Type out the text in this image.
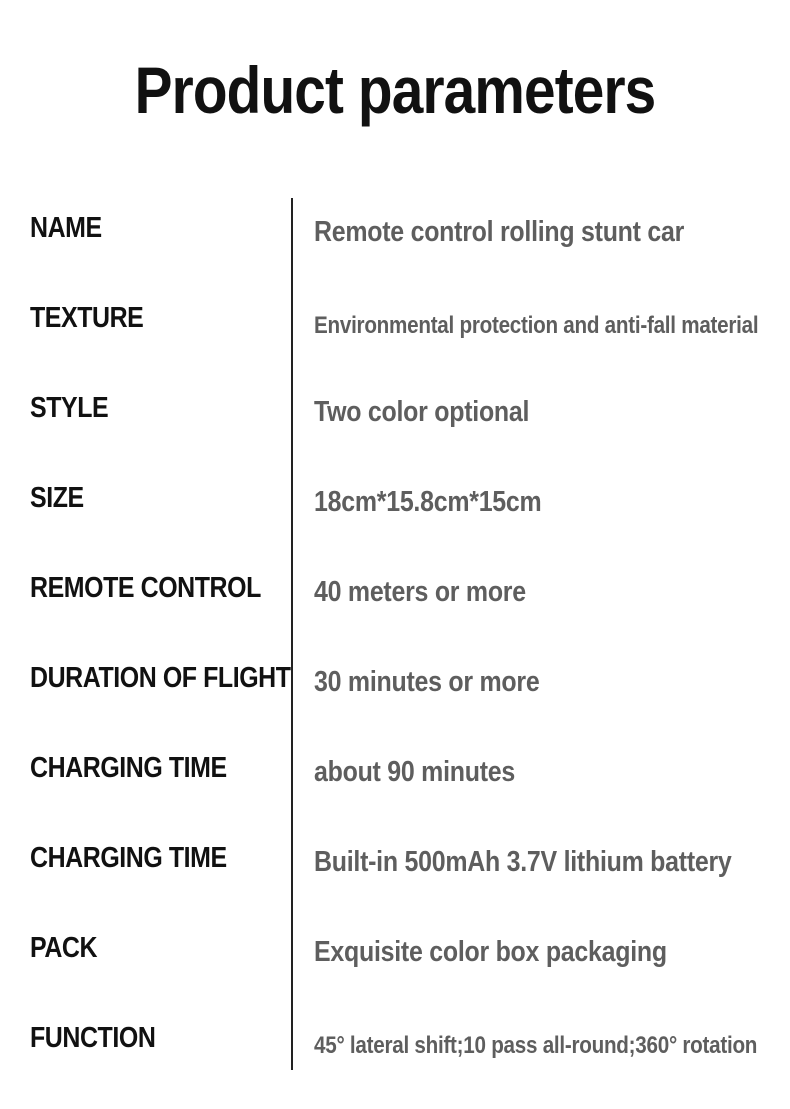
Product parameters
NAME	Remote control rolling stunt car
TEXTURE	Environmental protection and anti-fall material
STYLE	Two color optional
SIZE	18cm*15.8cm*15cm
REMOTE CONTROL 40 meters or more
DURATION OF FLIGHT 30 minutes or more
CHARGING TIME	about 90 minutes
CHARGING TIME	Built-in 500mAh 3.7V lithium battery
PACK	Exquisite color box packaging
FUNCTION	45° lateral shift;10 pass all-round;360° rotation
